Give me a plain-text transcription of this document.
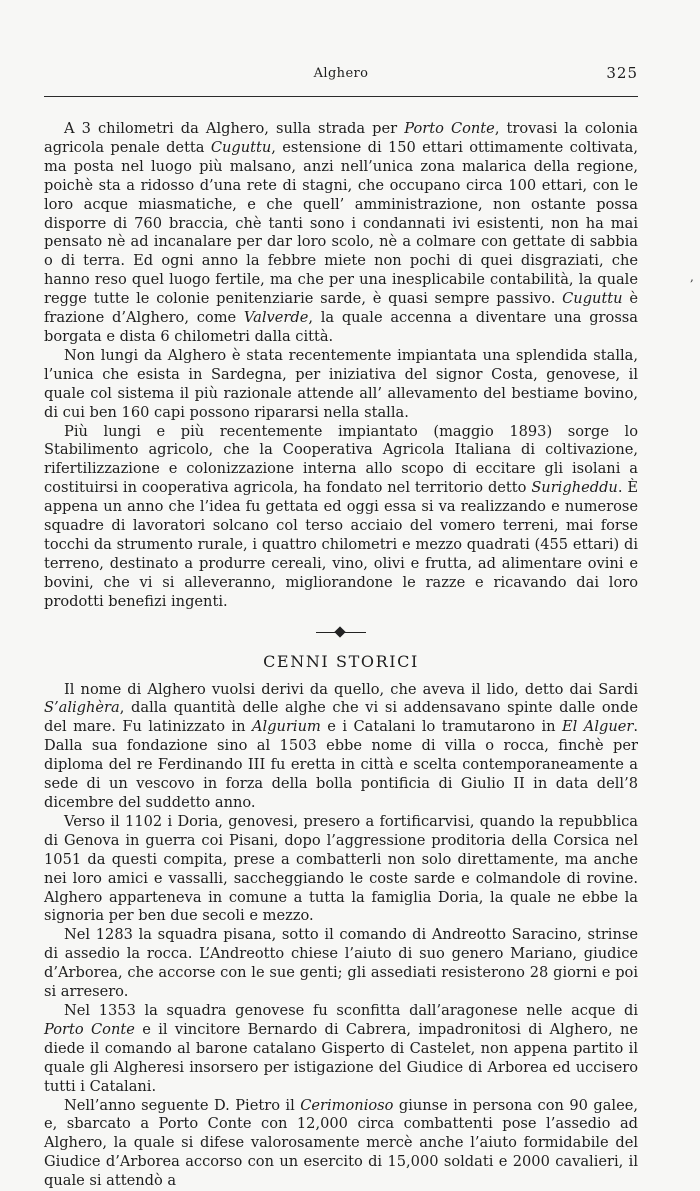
Alghero	325
,

A 3 chilometri da Alghero, sulla strada per Porto Conte, trovasi la colonia agricola penale detta Cuguttu, estensione di 150 ettari ottimamente coltivata, ma posta nel luogo più malsano, anzi nell’unica zona malarica della regione, poichè sta a ridosso d’una rete di stagni, che occupano circa 100 ettari, con le loro acque miasmatiche, e che quell’ amministrazione, non ostante possa disporre di 760 braccia, chè tanti sono i condannati ivi esistenti, non ha mai pensato nè ad incanalare per dar loro scolo, nè a colmare con gettate di sabbia o di terra. Ed ogni anno la febbre miete non pochi di quei disgraziati, che hanno reso quel luogo fertile, ma che per una inesplicabile contabilità, la quale regge tutte le colonie penitenziarie sarde, è quasi sempre passivo. Cuguttu è frazione d’Alghero, come Valverde, la quale accenna a diventare una grossa borgata e dista 6 chilometri dalla città.

Non lungi da Alghero è stata recentemente impiantata una splendida stalla, l’unica che esista in Sardegna, per iniziativa del signor Costa, genovese, il quale col sistema il più razionale attende all’ allevamento del bestiame bovino, di cui ben 160 capi possono ripararsi nella stalla.

Più lungi e più recentemente impiantato (maggio 1893) sorge lo Stabilimento agricolo, che la Cooperativa Agricola Italiana di coltivazione, rifertilizzazione e colonizzazione interna allo scopo di eccitare gli isolani a costituirsi in cooperativa agricola, ha fondato nel territorio detto Surigheddu. È appena un anno che l’idea fu gettata ed oggi essa si va realizzando e numerose squadre di lavoratori solcano col terso acciaio del vomero terreni, mai forse tocchi da strumento rurale, i quattro chilometri e mezzo quadrati (455 ettari) di terreno, destinato a produrre cereali, vino, olivi e frutta, ad alimentare ovini e bovini, che vi si alleveranno, migliorandone le razze e ricavando dai loro prodotti benefizi ingenti.

CENNI STORICI

Il nome di Alghero vuolsi derivi da quello, che aveva il lido, detto dai Sardi S’alighèra, dalla quantità delle alghe che vi si addensavano spinte dalle onde del mare. Fu latinizzato in Algurium e i Catalani lo tramutarono in El Alguer. Dalla sua fondazione sino al 1503 ebbe nome di villa o rocca, finchè per diploma del re Ferdinando III fu eretta in città e scelta contemporaneamente a sede di un vescovo in forza della bolla pontificia di Giulio II in data dell’8 dicembre del suddetto anno.

Verso il 1102 i Doria, genovesi, presero a fortificarvisi, quando la repubblica di Genova in guerra coi Pisani, dopo l’aggressione proditoria della Corsica nel 1051 da questi compita, prese a combatterli non solo direttamente, ma anche nei loro amici e vassalli, saccheggiando le coste sarde e colmandole di rovine. Alghero apparteneva in comune a tutta la famiglia Doria, la quale ne ebbe la signoria per ben due secoli e mezzo.

Nel 1283 la squadra pisana, sotto il comando di Andreotto Saracino, strinse di assedio la rocca. L’Andreotto chiese l’aiuto di suo genero Mariano, giudice d’Arborea, che accorse con le sue genti; gli assediati resisterono 28 giorni e poi si arresero.

Nel 1353 la squadra genovese fu sconfitta dall’aragonese nelle acque di Porto Conte e il vincitore Bernardo di Cabrera, impadronitosi di Alghero, ne diede il comando al barone catalano Gisperto di Castelet, non appena partito il quale gli Algheresi insorsero per istigazione del Giudice di Arborea ed uccisero tutti i Catalani.

Nell’anno seguente D. Pietro il Cerimonioso giunse in persona con 90 galee, e, sbarcato a Porto Conte con 12,000 circa combattenti pose l’assedio ad Alghero, la quale si difese valorosamente mercè anche l’aiuto formidabile del Giudice d’Arborea accorso con un esercito di 15,000 soldati e 2000 cavalieri, il quale si attendò a
